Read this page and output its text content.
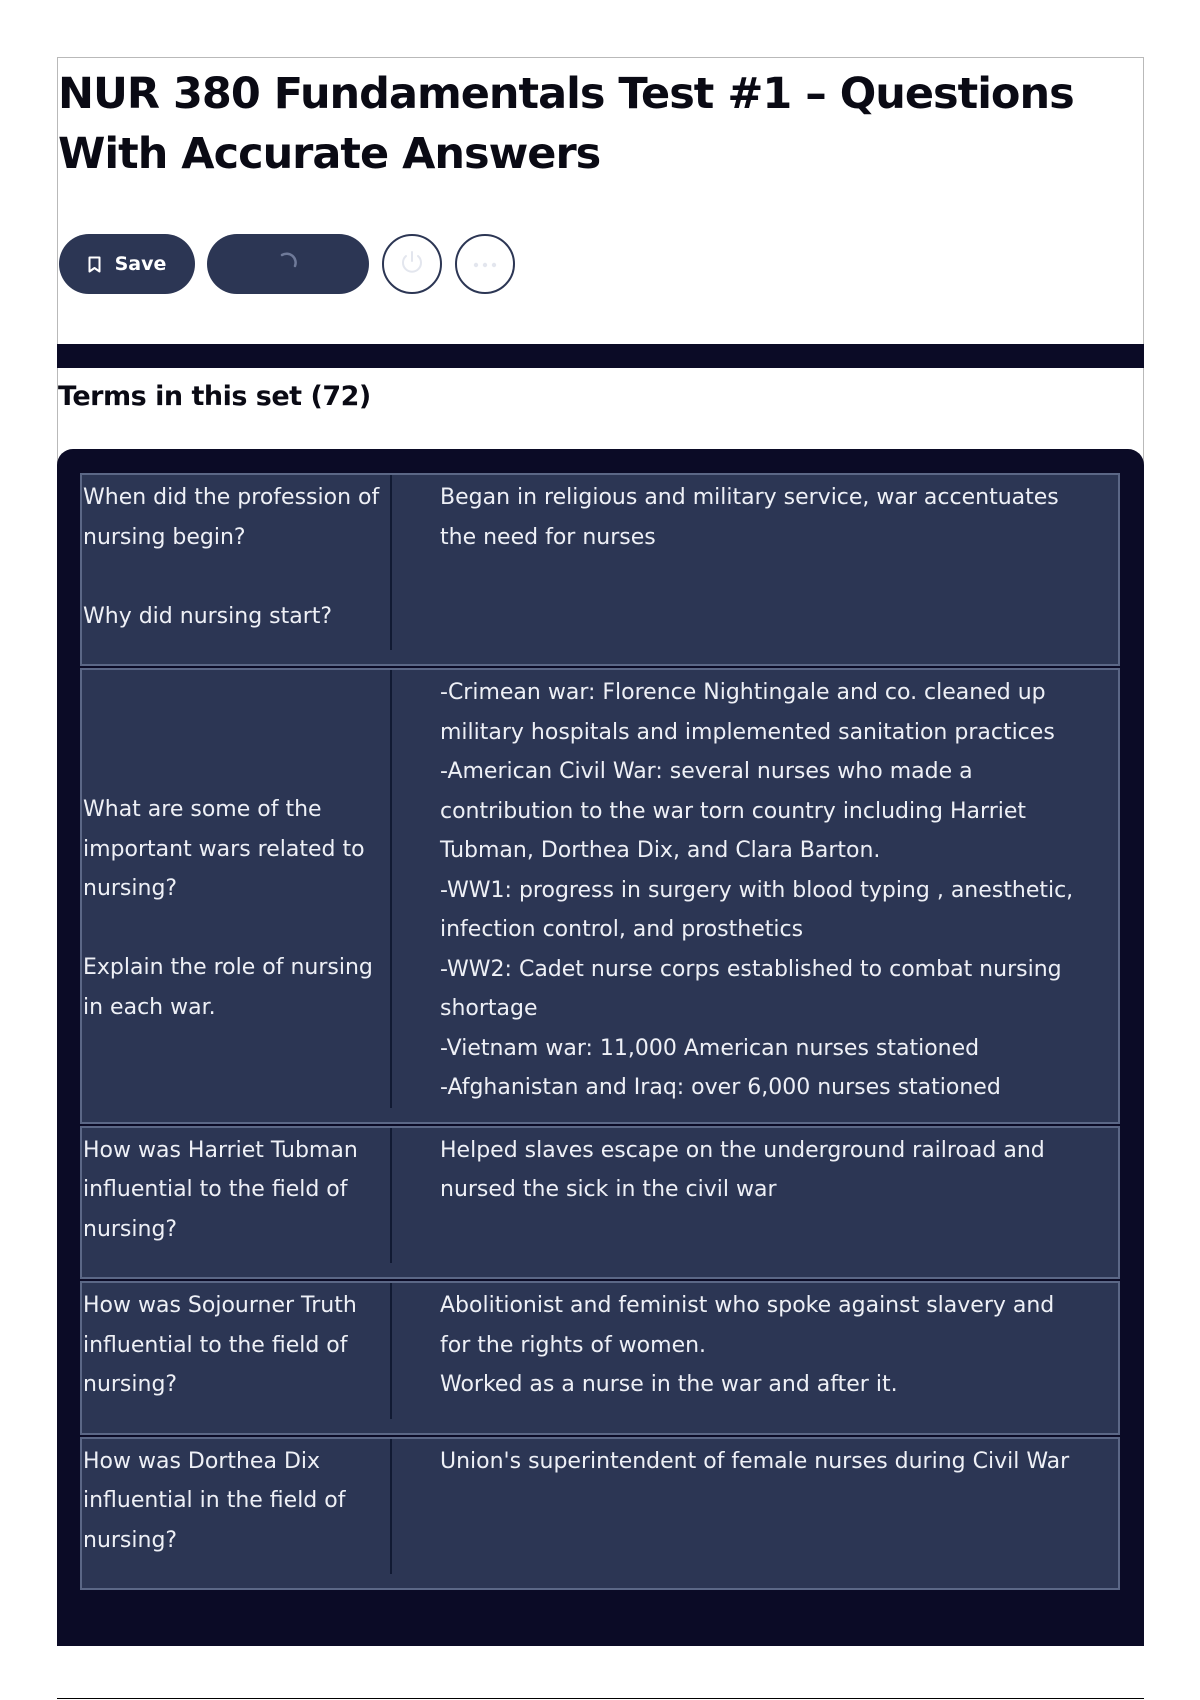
NUR 380 Fundamentals Test #1 – Questions With Accurate Answers
Save
Terms in this set (72)
When did the profession of nursing begin?

Why did nursing start?
Began in religious and military service, war accentuates the need for nurses
What are some of the important wars related to nursing?

Explain the role of nursing in each war.
-Crimean war: Florence Nightingale and co. cleaned up military hospitals and implemented sanitation practices
-American Civil War: several nurses who made a contribution to the war torn country including Harriet Tubman, Dorthea Dix, and Clara Barton.
-WW1: progress in surgery with blood typing , anesthetic, infection control, and prosthetics
-WW2: Cadet nurse corps established to combat nursing shortage
-Vietnam war: 11,000 American nurses stationed
-Afghanistan and Iraq: over 6,000 nurses stationed
How was Harriet Tubman influential to the field of nursing?
Helped slaves escape on the underground railroad and nursed the sick in the civil war
How was Sojourner Truth influential to the field of nursing?
Abolitionist and feminist who spoke against slavery and for the rights of women.
Worked as a nurse in the war and after it.
How was Dorthea Dix influential in the field of nursing?
Union's superintendent of female nurses during Civil War
